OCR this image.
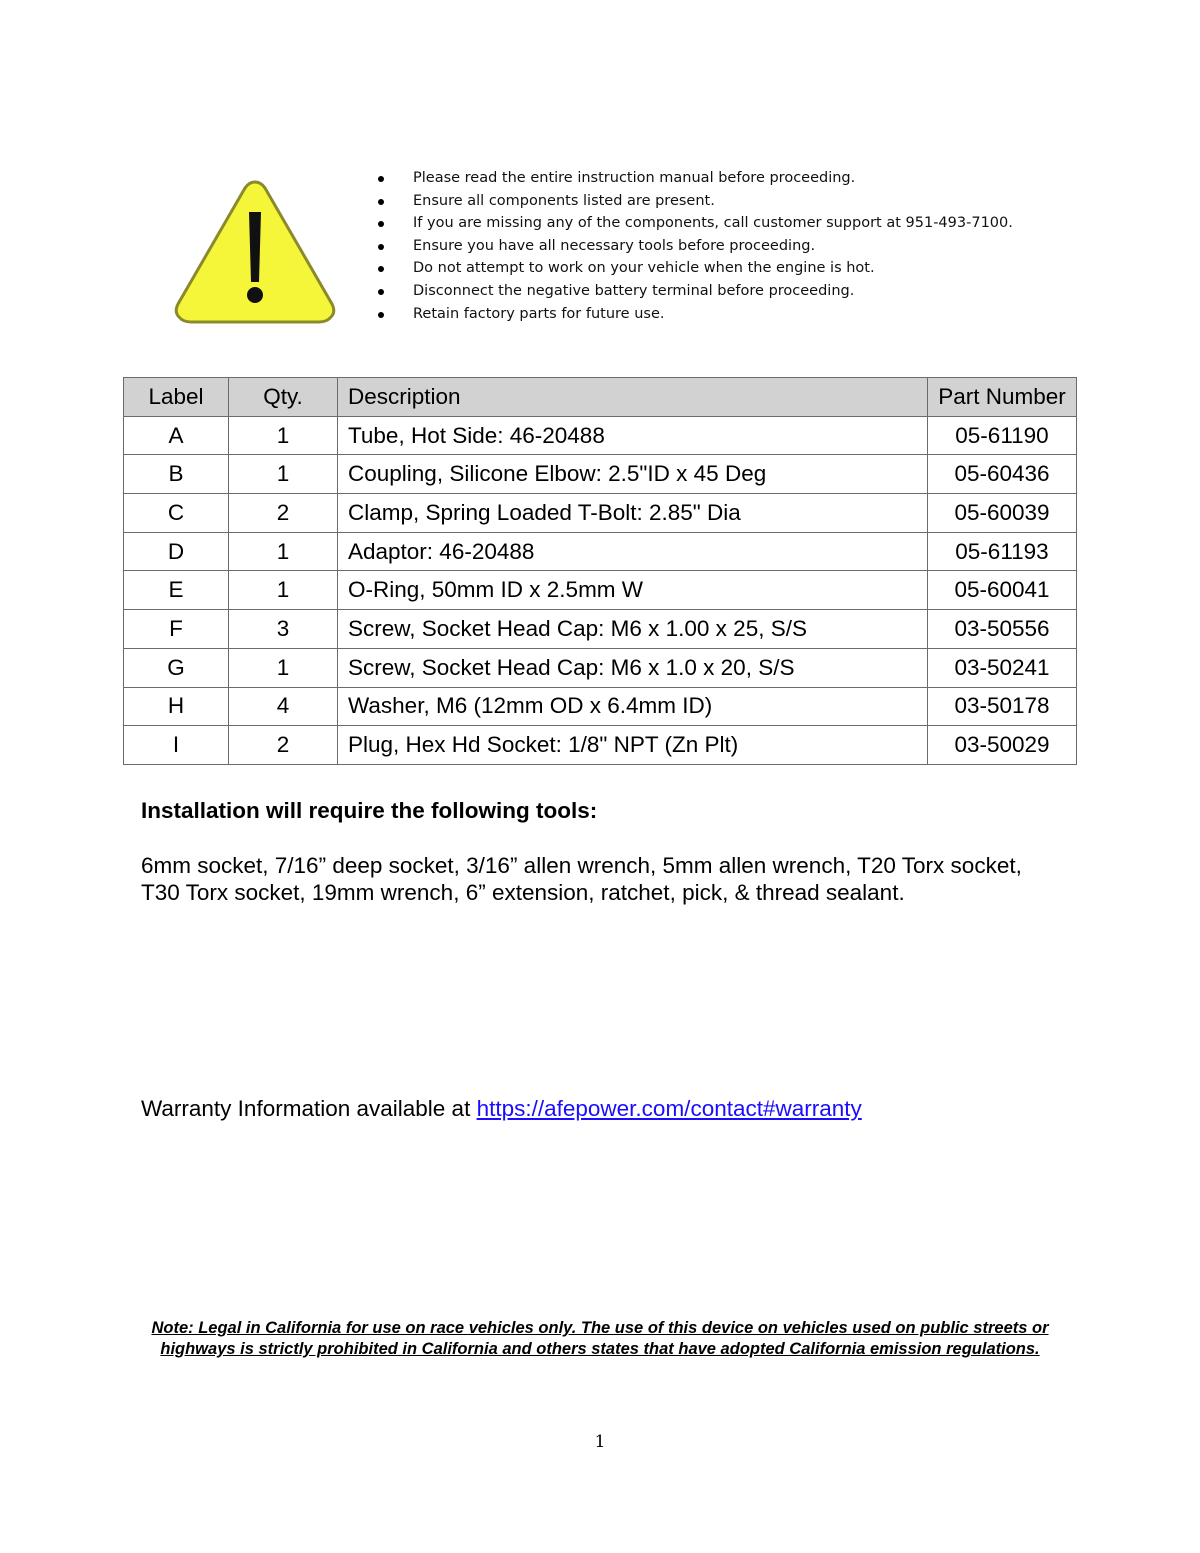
Please read the entire instruction manual before proceeding.
Ensure all components listed are present.
If you are missing any of the components, call customer support at 951-493-7100.
Ensure you have all necessary tools before proceeding.
Do not attempt to work on your vehicle when the engine is hot.
Disconnect the negative battery terminal before proceeding.
Retain factory parts for future use.
Label	Qty.	Description	Part Number
A	1	Tube, Hot Side: 46-20488	05-61190
B	1	Coupling, Silicone Elbow: 2.5"ID x 45 Deg	05-60436
C	2	Clamp, Spring Loaded T-Bolt: 2.85" Dia	05-60039
D	1	Adaptor: 46-20488	05-61193
E	1	O-Ring, 50mm ID x 2.5mm W	05-60041
F	3	Screw, Socket Head Cap: M6 x 1.00 x 25, S/S	03-50556
G	1	Screw, Socket Head Cap: M6 x 1.0 x 20, S/S	03-50241
H	4	Washer, M6 (12mm OD x 6.4mm ID)	03-50178
I	2	Plug, Hex Hd Socket: 1/8" NPT (Zn Plt)	03-50029

Installation will require the following tools:

6mm socket, 7/16” deep socket, 3/16” allen wrench, 5mm allen wrench, T20 Torx socket, T30 Torx socket, 19mm wrench, 6” extension, ratchet, pick, & thread sealant.

Warranty Information available at https://afepower.com/contact#warranty

Note: Legal in California for use on race vehicles only. The use of this device on vehicles used on public streets or highways is strictly prohibited in California and others states that have adopted California emission regulations.

1
